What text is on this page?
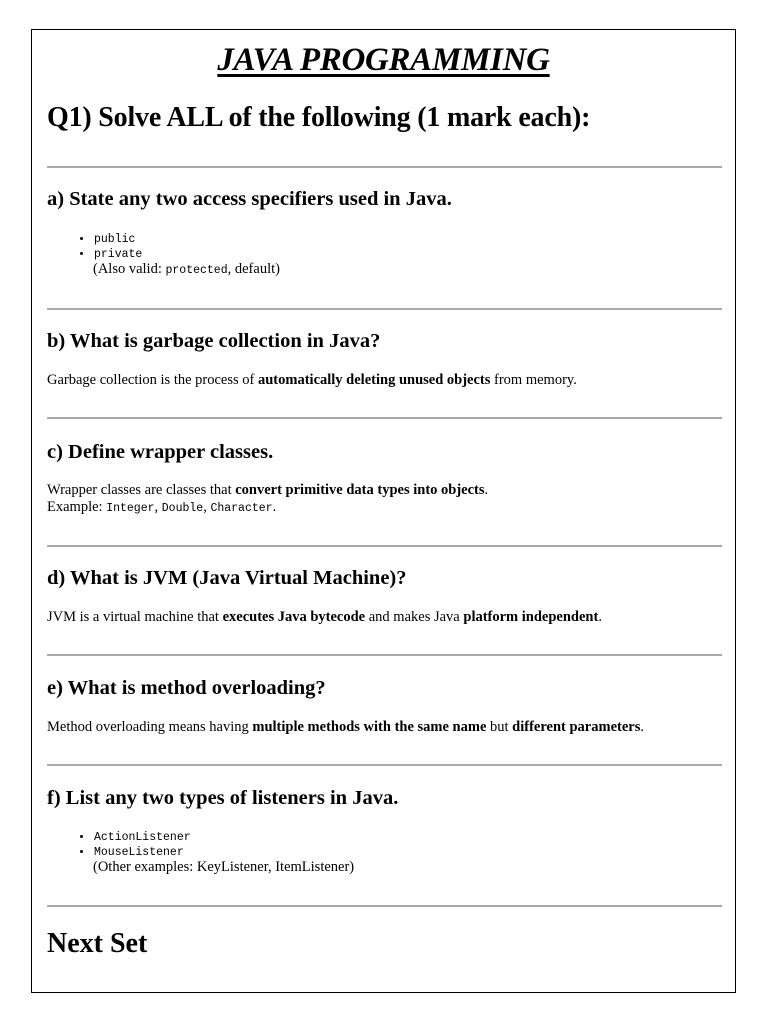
JAVA PROGRAMMING
Q1) Solve ALL of the following (1 mark each):
a) State any two access specifiers used in Java.
• public
• private
(Also valid: protected, default)
b) What is garbage collection in Java?
Garbage collection is the process of automatically deleting unused objects from memory.
c) Define wrapper classes.
Wrapper classes are classes that convert primitive data types into objects.
Example: Integer, Double, Character.
d) What is JVM (Java Virtual Machine)?
JVM is a virtual machine that executes Java bytecode and makes Java platform independent.
e) What is method overloading?
Method overloading means having multiple methods with the same name but different parameters.
f) List any two types of listeners in Java.
• ActionListener
• MouseListener
(Other examples: KeyListener, ItemListener)
Next Set
